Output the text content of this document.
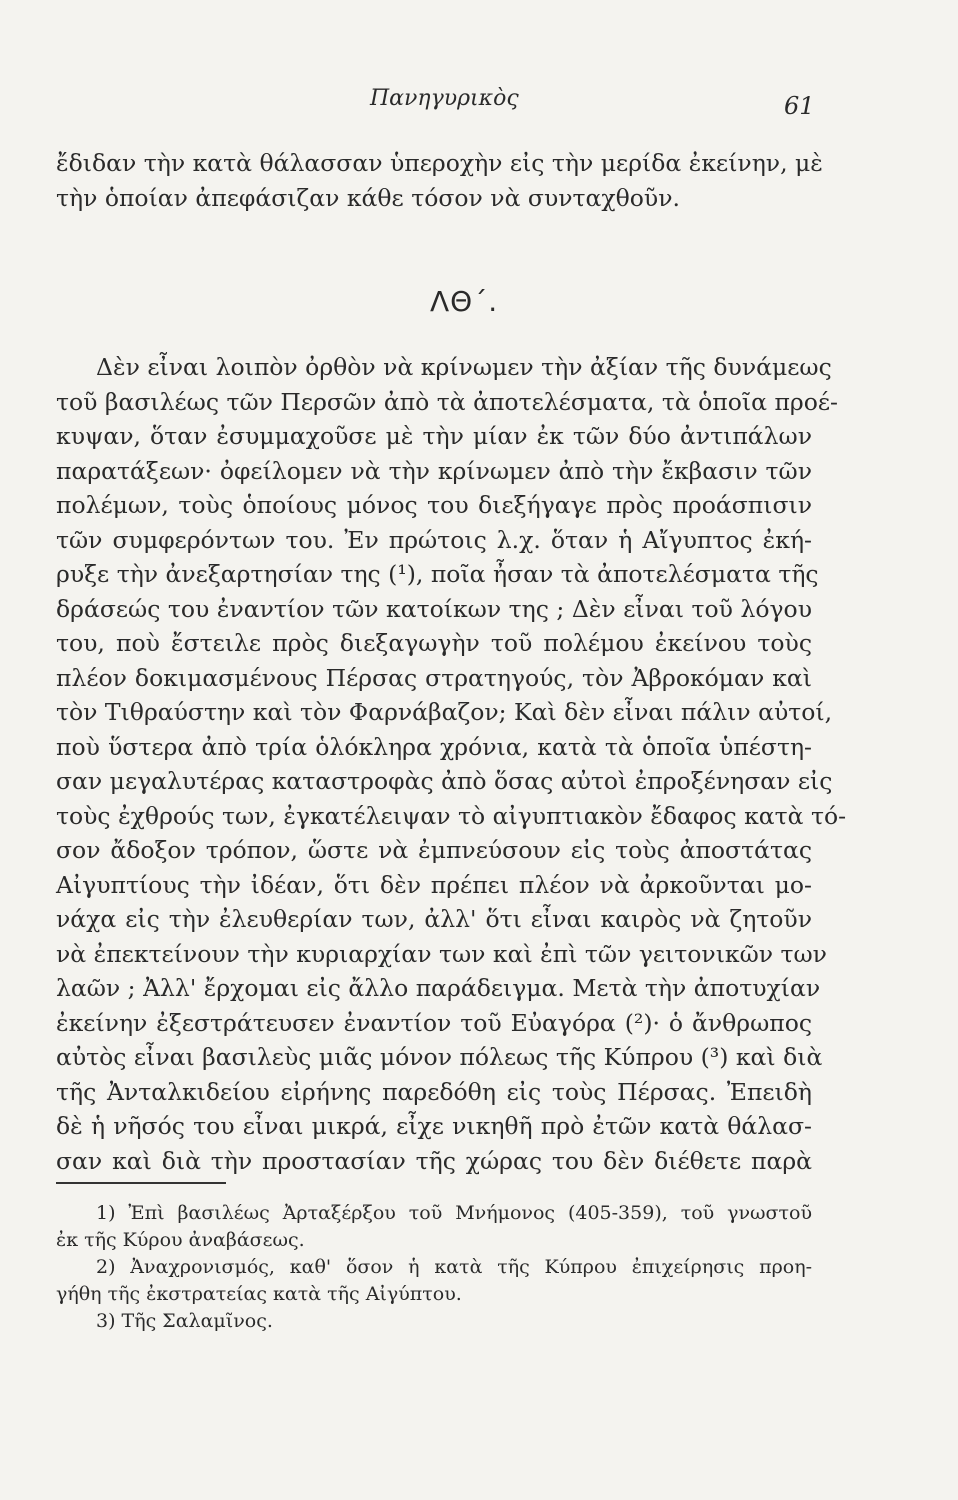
Πανηγυρικὸς	61
ἔδιδαν τὴν κατὰ θάλασσαν ὑπεροχὴν εἰς τὴν μερίδα ἐκείνην, μὲ
τὴν ὁποίαν ἀπεφάσιζαν κάθε τόσον νὰ συνταχθοῦν.
ΛΘ΄.
Δὲν εἶναι λοιπὸν ὀρθὸν νὰ κρίνωμεν τὴν ἀξίαν τῆς δυνάμεως
τοῦ βασιλέως τῶν Περσῶν ἀπὸ τὰ ἀποτελέσματα, τὰ ὁποῖα προέ-
κυψαν, ὅταν ἐσυμμαχοῦσε μὲ τὴν μίαν ἐκ τῶν δύο ἀντιπάλων
παρατάξεων· ὀφείλομεν νὰ τὴν κρίνωμεν ἀπὸ τὴν ἔκβασιν τῶν
πολέμων, τοὺς ὁποίους μόνος του διεξήγαγε πρὸς προάσπισιν
τῶν συμφερόντων του. Ἐν πρώτοις λ.χ. ὅταν ἡ Αἴγυπτος ἐκή-
ρυξε τὴν ἀνεξαρτησίαν της (¹), ποῖα ἦσαν τὰ ἀποτελέσματα τῆς
δράσεώς του ἐναντίον τῶν κατοίκων της ; Δὲν εἶναι τοῦ λόγου
του, ποὺ ἔστειλε πρὸς διεξαγωγὴν τοῦ πολέμου ἐκείνου τοὺς
πλέον δοκιμασμένους Πέρσας στρατηγούς, τὸν Ἀβροκόμαν καὶ
τὸν Τιθραύστην καὶ τὸν Φαρνάβαζον; Καὶ δὲν εἶναι πάλιν αὐτοί,
ποὺ ὕστερα ἀπὸ τρία ὁλόκληρα χρόνια, κατὰ τὰ ὁποῖα ὑπέστη-
σαν μεγαλυτέρας καταστροφὰς ἀπὸ ὅσας αὐτοὶ ἐπροξένησαν εἰς
τοὺς ἐχθρούς των, ἐγκατέλειψαν τὸ αἰγυπτιακὸν ἔδαφος κατὰ τό-
σον ἄδοξον τρόπον, ὥστε νὰ ἐμπνεύσουν εἰς τοὺς ἀποστάτας
Αἰγυπτίους τὴν ἰδέαν, ὅτι δὲν πρέπει πλέον νὰ ἀρκοῦνται μο-
νάχα εἰς τὴν ἐλευθερίαν των, ἀλλ' ὅτι εἶναι καιρὸς νὰ ζητοῦν
νὰ ἐπεκτείνουν τὴν κυριαρχίαν των καὶ ἐπὶ τῶν γειτονικῶν των
λαῶν ; Ἀλλ' ἔρχομαι εἰς ἄλλο παράδειγμα. Μετὰ τὴν ἀποτυχίαν
ἐκείνην ἐξεστράτευσεν ἐναντίον τοῦ Εὐαγόρα (²)· ὁ ἄνθρωπος
αὐτὸς εἶναι βασιλεὺς μιᾶς μόνον πόλεως τῆς Κύπρου (³) καὶ διὰ
τῆς Ἀνταλκιδείου εἰρήνης παρεδόθη εἰς τοὺς Πέρσας. Ἐπειδὴ
δὲ ἡ νῆσός του εἶναι μικρά, εἶχε νικηθῆ πρὸ ἐτῶν κατὰ θάλασ-
σαν καὶ διὰ τὴν προστασίαν τῆς χώρας του δὲν διέθετε παρὰ
1) Ἐπὶ βασιλέως Ἀρταξέρξου τοῦ Μνήμονος (405-359), τοῦ γνωστοῦ
ἐκ τῆς Κύρου ἀναβάσεως.
2) Ἀναχρονισμός, καθ' ὅσον ἡ κατὰ τῆς Κύπρου ἐπιχείρησις προη-
γήθη τῆς ἐκστρατείας κατὰ τῆς Αἰγύπτου.
3) Τῆς Σαλαμῖνος.
